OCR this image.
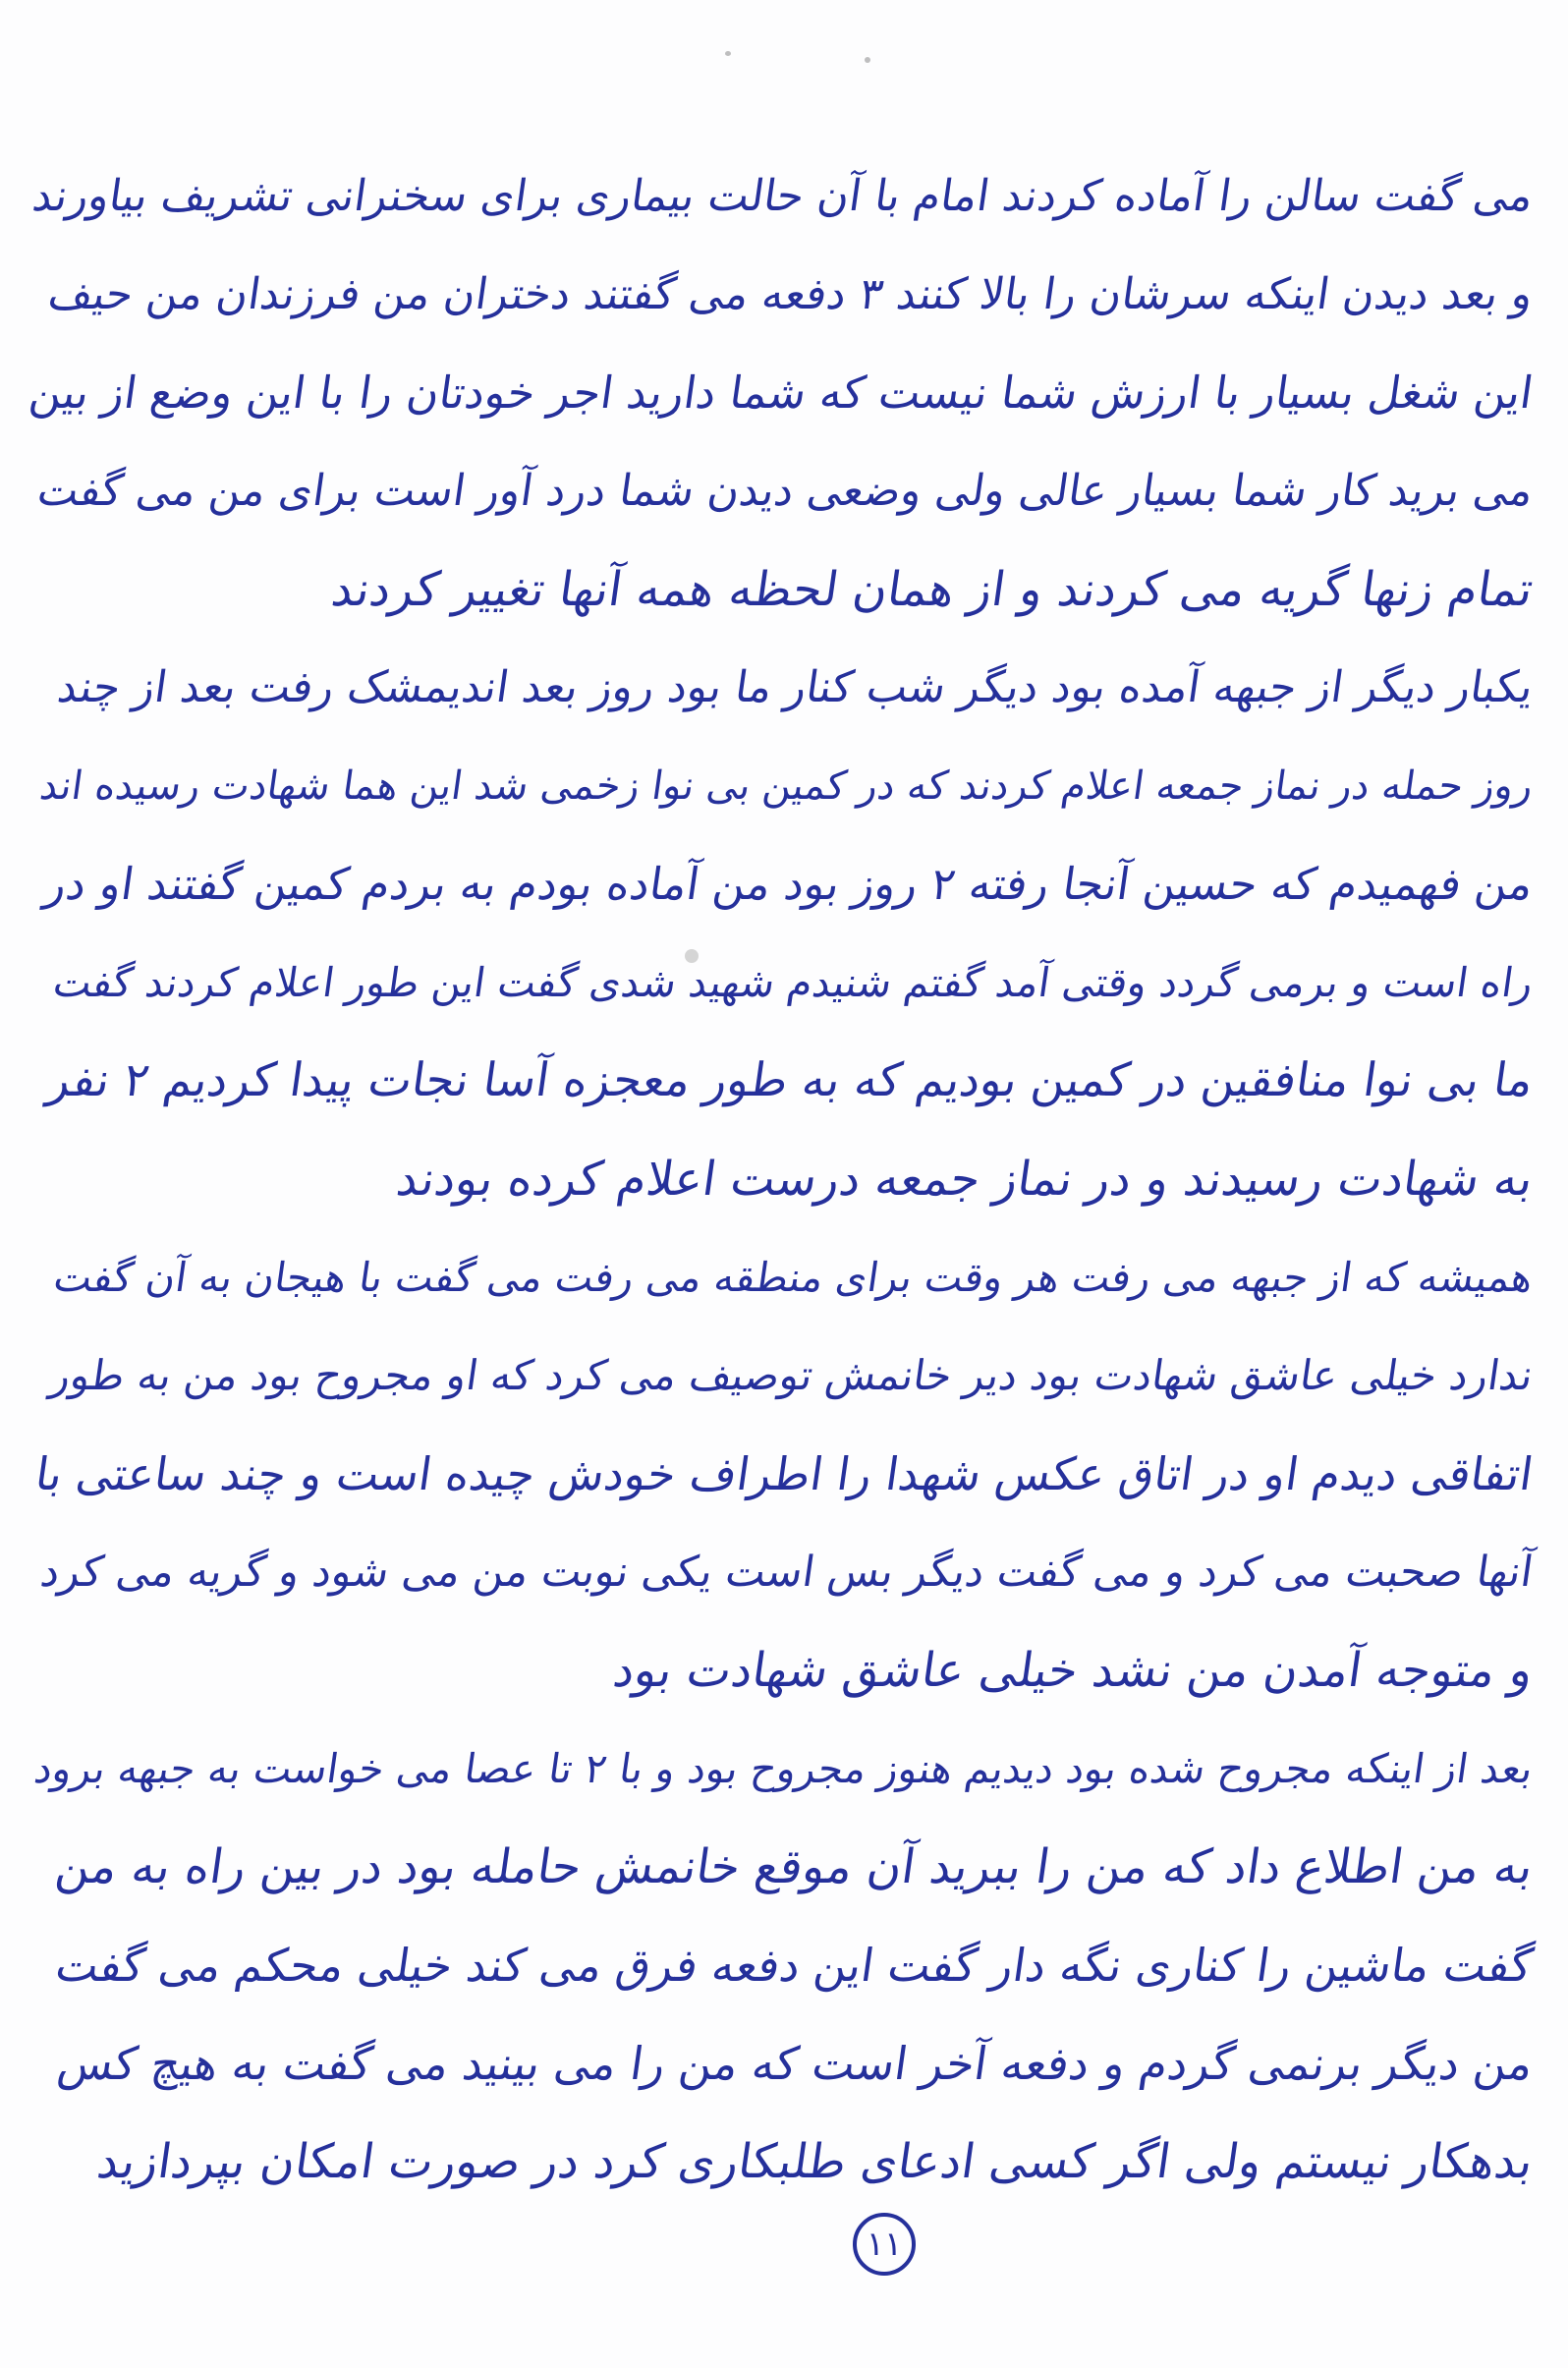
می گفت سالن را آماده کردند امام با آن حالت بیماری برای سخنرانی تشریف بیاورند
و بعد دیدن اینکه سرشان را بالا کنند ۳ دفعه می گفتند دختران من فرزندان من حیف
این شغل بسیار با ارزش شما نیست که شما دارید اجر خودتان را با این وضع از بین
می برید کار شما بسیار عالی ولی وضعی دیدن شما درد آور است برای من می گفت
تمام زنها گریه می کردند و از همان لحظه همه آنها تغییر کردند
یکبار دیگر از جبهه آمده بود دیگر شب کنار ما بود روز بعد اندیمشک رفت بعد از چند
روز حمله در نماز جمعه اعلام کردند که در کمین بی نوا زخمی شد این هما شهادت رسیده اند
من فهمیدم که حسین آنجا رفته ۲ روز بود من آماده بودم به بردم کمین گفتند او در
راه است و برمی گردد وقتی آمد گفتم شنیدم شهید شدی گفت این طور اعلام کردند گفت
ما بی نوا منافقین در کمین بودیم که به طور معجزه آسا نجات پیدا کردیم ۲ نفر
به شهادت رسیدند و در نماز جمعه درست اعلام کرده بودند
همیشه که از جبهه می رفت هر وقت برای منطقه می رفت می گفت با هیجان به آن گفت
ندارد خیلی عاشق شهادت بود دیر خانمش توصیف می کرد که او مجروح بود من به طور
اتفاقی دیدم او در اتاق عکس شهدا را اطراف خودش چیده است و چند ساعتی با
آنها صحبت می کرد و می گفت دیگر بس است یکی نوبت من می شود و گریه می کرد
و متوجه آمدن من نشد خیلی عاشق شهادت بود
بعد از اینکه مجروح شده بود دیدیم هنوز مجروح بود و با ۲ تا عصا می خواست به جبهه برود
به من اطلاع داد که من را ببرید آن موقع خانمش حامله بود در بین راه به من
گفت ماشین را کناری نگه دار گفت این دفعه فرق می کند خیلی محکم می گفت
من دیگر برنمی گردم و دفعه آخر است که من را می بینید می گفت به هیچ کس
بدهکار نیستم ولی اگر کسی ادعای طلبکاری کرد در صورت امکان بپردازید
۱۱
